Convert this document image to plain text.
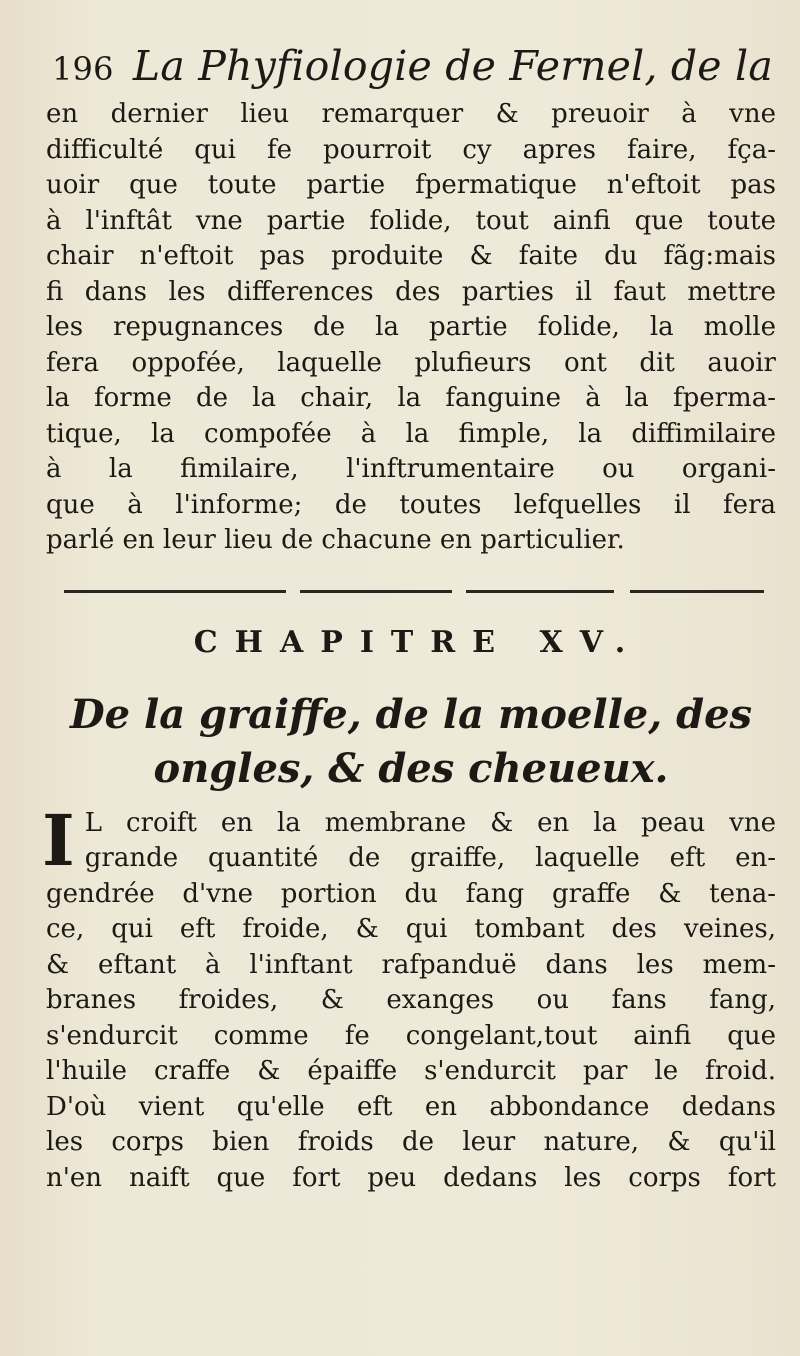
196 La Phyfiologie de Fernel, de la
en dernier lieu remarquer & preuoir à vne
difficulté qui fe pourroit cy apres faire, fça-
uoir que toute partie fpermatique n'eftoit pas
à l'inftât vne partie folide, tout ainfi que toute
chair n'eftoit pas produite & faite du fãg:mais
fi dans les differences des parties il faut mettre
les repugnances de la partie folide, la molle
fera oppofée, laquelle plufieurs ont dit auoir
la forme de la chair, la fanguine à la fperma-
tique, la compofée à la fimple, la diffimilaire
à la fimilaire, l'inftrumentaire ou organi-
que à l'informe; de toutes lefquelles il fera
parlé en leur lieu de chacune en particulier.
CHAPITRE XV.
De la graiffe, de la moelle, des
ongles, & des cheueux.
I L croift en la membrane & en la peau vne
grande quantité de graiffe, laquelle eft en-
gendrée d'vne portion du fang graffe & tena-
ce, qui eft froide, & qui tombant des veines,
& eftant à l'inftant rafpanduë dans les mem-
branes froides, & exanges ou fans fang,
s'endurcit comme fe congelant,tout ainfi que
l'huile craffe & épaiffe s'endurcit par le froid.
D'où vient qu'elle eft en abbondance dedans
les corps bien froids de leur nature, & qu'il
n'en naift que fort peu dedans les corps fort
